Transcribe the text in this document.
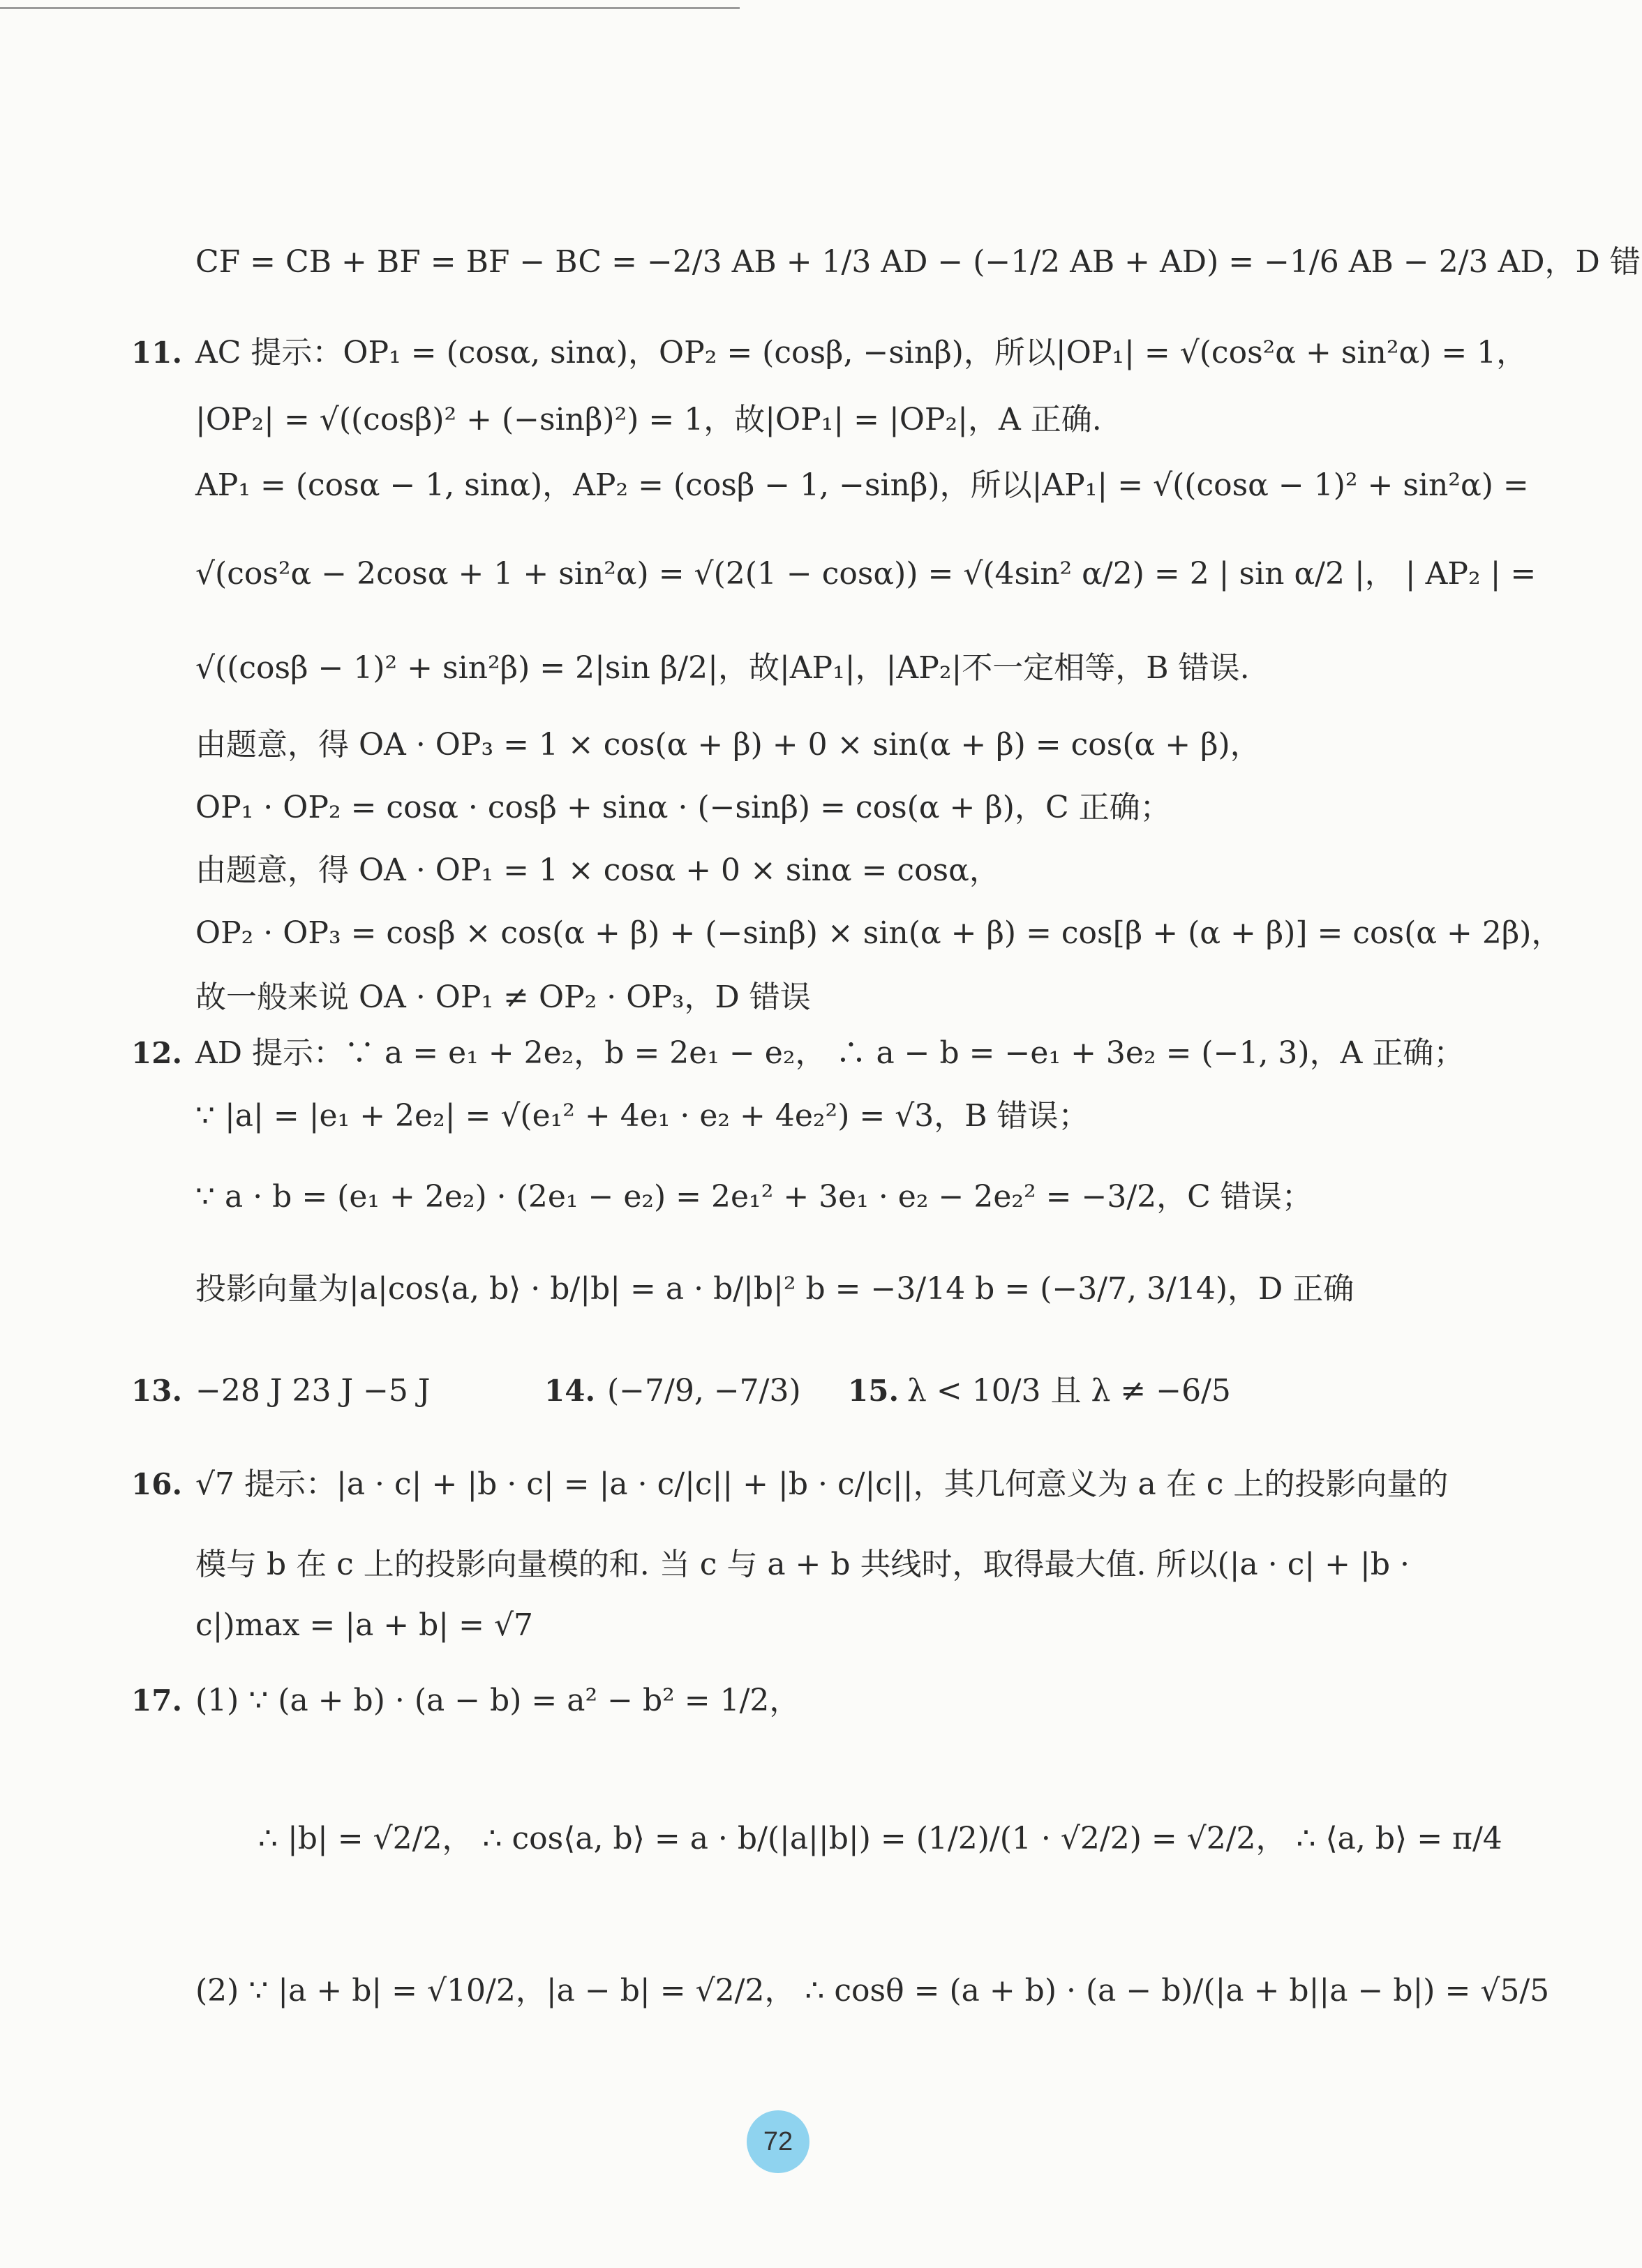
CF = CB + BF = BF − BC = −2/3 AB + 1/3 AD − (−1/2 AB + AD) = −1/6 AB − 2/3 AD，D 错
11. AC 提示：OP₁ = (cosα, sinα)，OP₂ = (cosβ, −sinβ)，所以|OP₁| = √(cos²α + sin²α) = 1，
|OP₂| = √((cosβ)² + (−sinβ)²) = 1，故|OP₁| = |OP₂|，A 正确.
AP₁ = (cosα − 1, sinα)，AP₂ = (cosβ − 1, −sinβ)，所以|AP₁| = √((cosα − 1)² + sin²α) =
√(cos²α − 2cosα + 1 + sin²α) = √(2(1 − cosα)) = √(4sin² α/2) = 2 | sin α/2 |， | AP₂ | =
√((cosβ − 1)² + sin²β) = 2|sin β/2|，故|AP₁|，|AP₂|不一定相等，B 错误.
由题意，得 OA · OP₃ = 1 × cos(α + β) + 0 × sin(α + β) = cos(α + β)，
OP₁ · OP₂ = cosα · cosβ + sinα · (−sinβ) = cos(α + β)，C 正确；
由题意，得 OA · OP₁ = 1 × cosα + 0 × sinα = cosα，
OP₂ · OP₃ = cosβ × cos(α + β) + (−sinβ) × sin(α + β) = cos[β + (α + β)] = cos(α + 2β)，
故一般来说 OA · OP₁ ≠ OP₂ · OP₃，D 错误
12. AD 提示：∵ a = e₁ + 2e₂，b = 2e₁ − e₂， ∴ a − b = −e₁ + 3e₂ = (−1, 3)，A 正确；
∵ |a| = |e₁ + 2e₂| = √(e₁² + 4e₁ · e₂ + 4e₂²) = √3，B 错误；
∵ a · b = (e₁ + 2e₂) · (2e₁ − e₂) = 2e₁² + 3e₁ · e₂ − 2e₂² = −3/2，C 错误；
投影向量为|a|cos⟨a, b⟩ · b/|b| = a · b/|b|² b = −3/14 b = (−3/7, 3/14)，D 正确
13. −28 J 23 J −5 J	14. (−7/9, −7/3) 15. λ < 10/3 且 λ ≠ −6/5
16. √7 提示：|a · c| + |b · c| = |a · c/|c|| + |b · c/|c||，其几何意义为 a 在 c 上的投影向量的
模与 b 在 c 上的投影向量模的和. 当 c 与 a + b 共线时，取得最大值. 所以(|a · c| + |b ·
c|)max = |a + b| = √7
17. (1) ∵ (a + b) · (a − b) = a² − b² = 1/2，
∴ |b| = √2/2， ∴ cos⟨a, b⟩ = a · b/(|a||b|) = (1/2)/(1 · √2/2) = √2/2， ∴ ⟨a, b⟩ = π/4
(2) ∵ |a + b| = √10/2，|a − b| = √2/2， ∴ cosθ = (a + b) · (a − b)/(|a + b||a − b|) = √5/5
72
